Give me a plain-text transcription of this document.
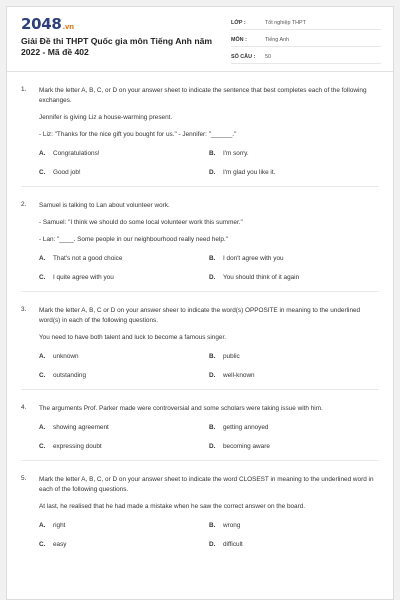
2048.vn
Giải Đề thi THPT Quốc gia môn Tiếng Anh năm 2022 - Mã đề 402
LỚP :	Tốt nghiệp THPT
MÔN :	Tiếng Anh
SỐ CÂU :	50
1. Mark the letter A, B, C, or D on your answer sheet to indicate the sentence that best completes each of the following exchanges.
Jennifer is giving Liz a house-warming present.
- Liz: "Thanks for the nice gift you bought for us." - Jennifer: "______."
A.	Congratulations!	B.	I'm sorry.
C.	Good job!	D.	I'm glad you like it.
2. Samuel is talking to Lan about volunteer work.
- Samuel: "I think we should do some local volunteer work this summer."
- Lan: "____. Some people in our neighbourhood really need help."
A.	That's not a good choice	B.	I don't agree with you
C.	I quite agree with you	D.	You should think of it again
3. Mark the letter A, B, C or D on your answer sheer to indicate the word(s) OPPOSITE in meaning to the underlined word(s) in each of the following questions.
You need to have both talent and luck to become a famous singer.
A.	unknown	B.	public
C.	outstanding	D.	well-known
4. The arguments Prof. Parker made were controversial and some scholars were taking issue with him.
A.	showing agreement	B.	getting annoyed
C.	expressing doubt	D.	becoming aware
5. Mark the letter A, B, C, or D on your answer sheet to indicate the word CLOSEST in meaning to the underlined word in each of the following questions.
At last, he realised that he had made a mistake when he saw the correct answer on the board.
A.	right	B.	wrong
C.	easy	D.	difficult
